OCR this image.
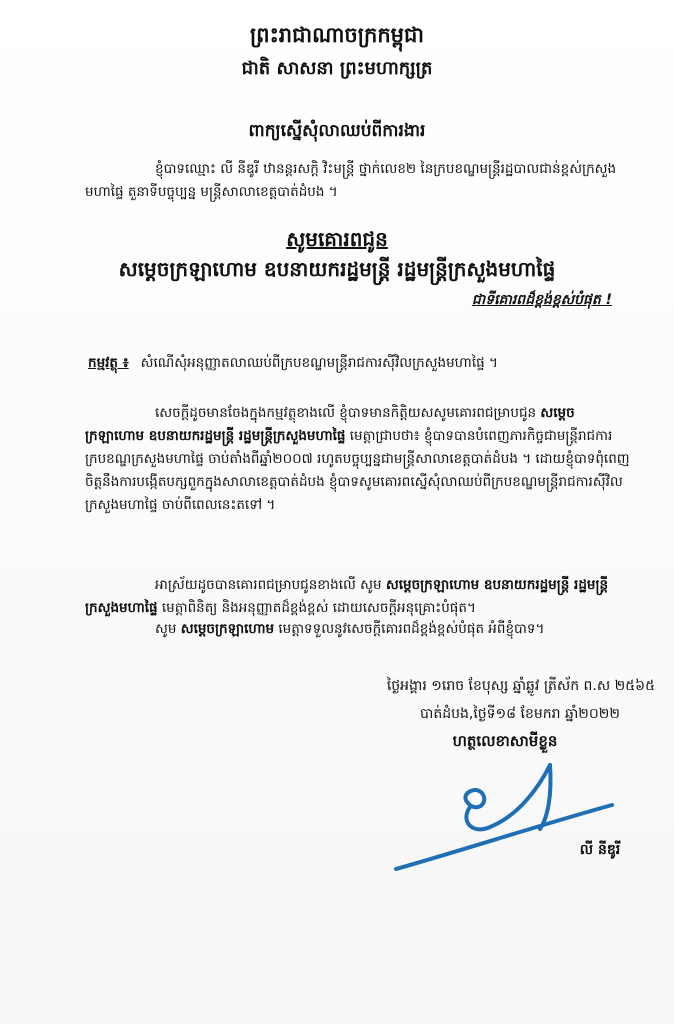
ព្រះរាជាណាចក្រកម្ពុជា
ជាតិ សាសនា ព្រះមហាក្សត្រ
ពាក្យស្នើសុំលាឈប់ពីការងារ
ខ្ញុំបាទឈ្មោះ លី នីឌូរី ឋានន្តរសក្តិ វិះមន្ត្រី ថ្នាក់លេខ២ នៃក្របខណ្ឌមន្ត្រីរដ្ឋបាលជាន់ខ្ពស់ក្រសួងមហាផ្ទៃ តួនាទីបច្ចុប្បន្ន មន្ត្រីសាលាខេត្តបាត់ដំបង ។
សូមគោរពជូន
សម្តេចក្រឡាហោម ឧបនាយករដ្ឋមន្ត្រី រដ្ឋមន្ត្រីក្រសួងមហាផ្ទៃ
ជាទីគោរពដ៏ខ្ពង់ខ្ពស់បំផុត !
កម្មវត្ថុ ៖ សំណើសុំអនុញ្ញាតលាឈប់ពីក្របខណ្ឌមន្ត្រីរាជការស៊ីវិលក្រសួងមហាផ្ទៃ ។
សេចក្តីដូចមានចែងក្នុងកម្មវត្ថុខាងលើ ខ្ញុំបាទមានកិត្តិយសសូមគោរពជម្រាបជូន សម្តេចក្រឡាហោម ឧបនាយករដ្ឋមន្ត្រី រដ្ឋមន្ត្រីក្រសួងមហាផ្ទៃ មេត្តាជ្រាបថា៖ ខ្ញុំបាទបានបំពេញភារកិច្ចជាមន្ត្រីរាជការក្របខណ្ឌក្រសួងមហាផ្ទៃ ចាប់តាំងពីឆ្នាំ២០០៧ រហូតបច្ចុប្បន្នជាមន្ត្រីសាលាខេត្តបាត់ដំបង ។ ដោយខ្ញុំបាទពុំពេញចិត្តនឹងការបង្កើតបក្សពួកក្នុងសាលាខេត្តបាត់ដំបង ខ្ញុំបាទសូមគោរពស្នើសុំលាឈប់ពីក្របខណ្ឌមន្ត្រីរាជការស៊ីវិលក្រសួងមហាផ្ទៃ ចាប់ពីពេលនេះតទៅ ។
អាស្រ័យដូចបានគោរពជម្រាបជូនខាងលើ សូម សម្តេចក្រឡាហោម ឧបនាយករដ្ឋមន្ត្រី រដ្ឋមន្ត្រីក្រសួងមហាផ្ទៃ មេត្តាពិនិត្យ និងអនុញ្ញាតដ៏ខ្ពង់ខ្ពស់ ដោយសេចក្តីអនុគ្រោះបំផុត។
សូម សម្តេចក្រឡាហោម មេត្តាទទួលនូវសេចក្តីគោរពដ៏ខ្ពង់ខ្ពស់បំផុត អំពីខ្ញុំបាទ។
ថ្ងៃអង្គារ ១រោច ខែបុស្ស ឆ្នាំឆ្លូវ ត្រីស័ក ព.ស ២៥៦៥
បាត់ដំបង,ថ្ងៃទី១៨ ខែមករា ឆ្នាំ២០២២
ហត្ថលេខាសាមីខ្លួន
លី នីឌូរី
